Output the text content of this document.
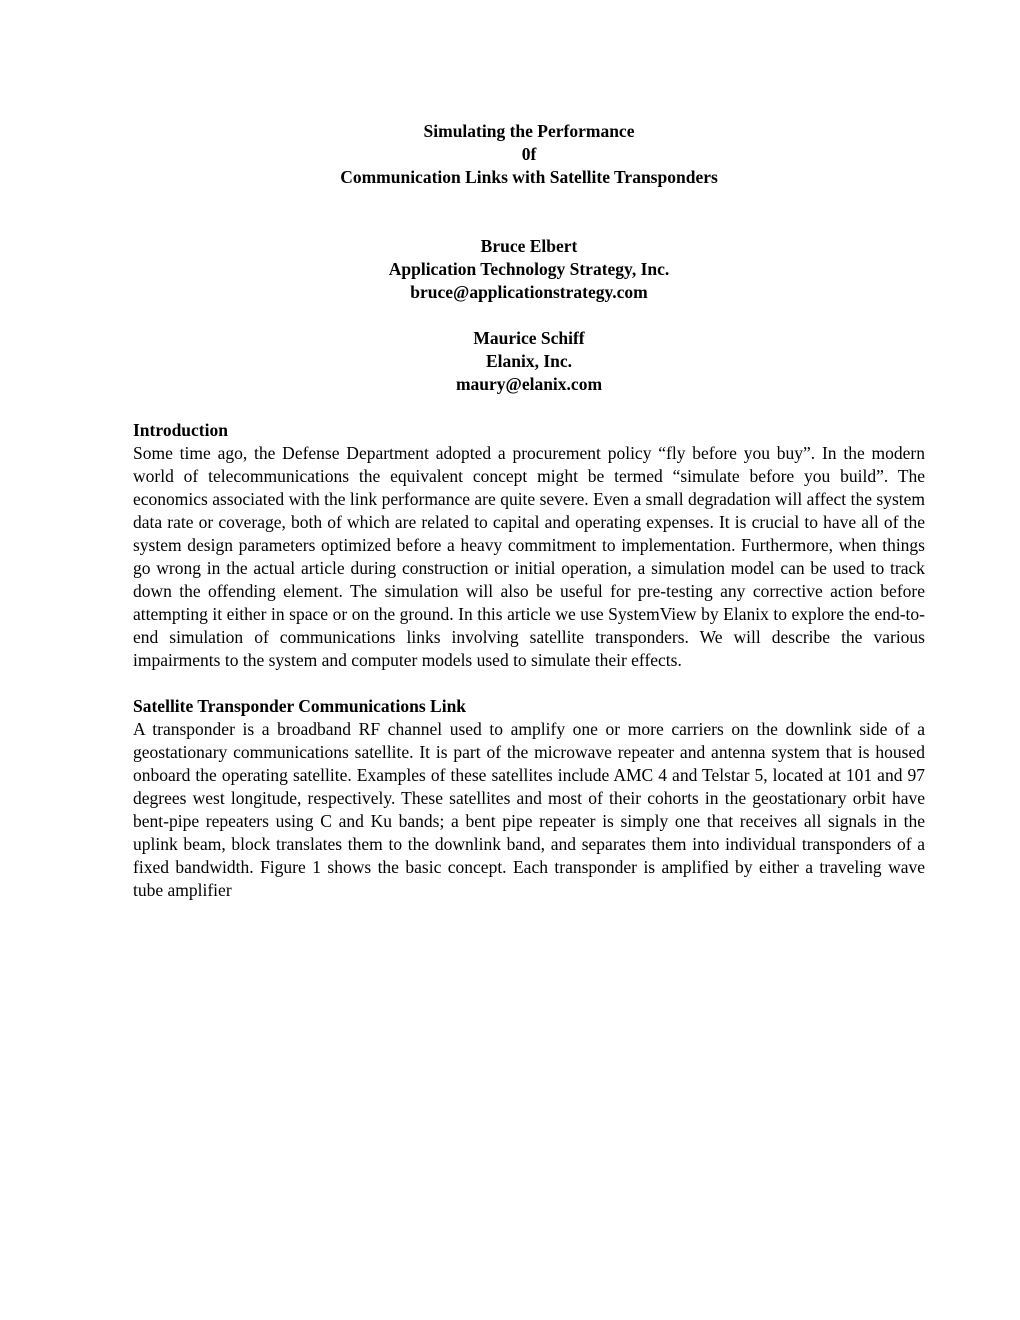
Simulating the Performance
0f
Communication Links with Satellite Transponders
Bruce Elbert
Application Technology Strategy, Inc.
bruce@applicationstrategy.com
Maurice Schiff
Elanix, Inc.
maury@elanix.com
Introduction
Some time ago, the Defense Department adopted a procurement policy “fly before you buy”. In the modern world of telecommunications the equivalent concept might be termed “simulate before you build”. The economics associated with the link performance are quite severe. Even a small degradation will affect the system data rate or coverage, both of which are related to capital and operating expenses. It is crucial to have all of the system design parameters optimized before a heavy commitment to implementation. Furthermore, when things go wrong in the actual article during construction or initial operation, a simulation model can be used to track down the offending element. The simulation will also be useful for pre-testing any corrective action before attempting it either in space or on the ground. In this article we use SystemView by Elanix to explore the end-to-end simulation of communications links involving satellite transponders. We will describe the various impairments to the system and computer models used to simulate their effects.
Satellite Transponder Communications Link
A transponder is a broadband RF channel used to amplify one or more carriers on the downlink side of a geostationary communications satellite. It is part of the microwave repeater and antenna system that is housed onboard the operating satellite. Examples of these satellites include AMC 4 and Telstar 5, located at 101 and 97 degrees west longitude, respectively. These satellites and most of their cohorts in the geostationary orbit have bent-pipe repeaters using C and Ku bands; a bent pipe repeater is simply one that receives all signals in the uplink beam, block translates them to the downlink band, and separates them into individual transponders of a fixed bandwidth. Figure 1 shows the basic concept. Each transponder is amplified by either a traveling wave tube amplifier
